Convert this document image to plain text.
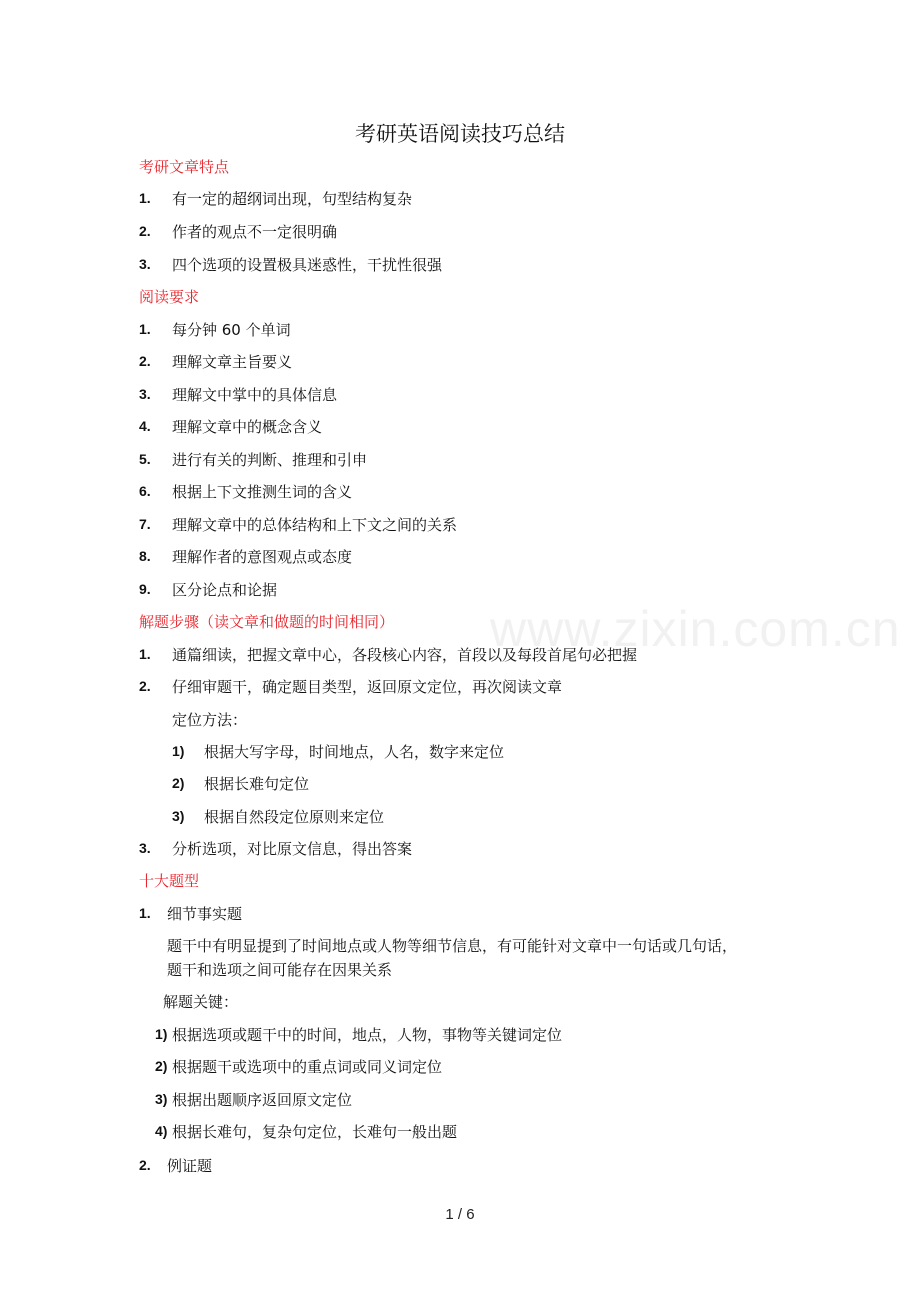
www.zixin.com.cn
考研英语阅读技巧总结
考研文章特点
1. 有一定的超纲词出现，句型结构复杂
2. 作者的观点不一定很明确
3. 四个选项的设置极具迷惑性，干扰性很强
阅读要求
1. 每分钟 60 个单词
2. 理解文章主旨要义
3. 理解文中掌中的具体信息
4. 理解文章中的概念含义
5. 进行有关的判断、推理和引申
6. 根据上下文推测生词的含义
7. 理解文章中的总体结构和上下文之间的关系
8. 理解作者的意图观点或态度
9. 区分论点和论据
解题步骤（读文章和做题的时间相同）
1. 通篇细读，把握文章中心，各段核心内容，首段以及每段首尾句必把握
2. 仔细审题干，确定题目类型，返回原文定位，再次阅读文章
定位方法：
1) 根据大写字母，时间地点，人名，数字来定位
2) 根据长难句定位
3) 根据自然段定位原则来定位
3. 分析选项，对比原文信息，得出答案
十大题型
1. 细节事实题
题干中有明显提到了时间地点或人物等细节信息，有可能针对文章中一句话或几句话，
题干和选项之间可能存在因果关系
解题关键：
1) 根据选项或题干中的时间，地点，人物，事物等关键词定位
2) 根据题干或选项中的重点词或同义词定位
3) 根据出题顺序返回原文定位
4) 根据长难句，复杂句定位，长难句一般出题
2. 例证题
1 / 6
